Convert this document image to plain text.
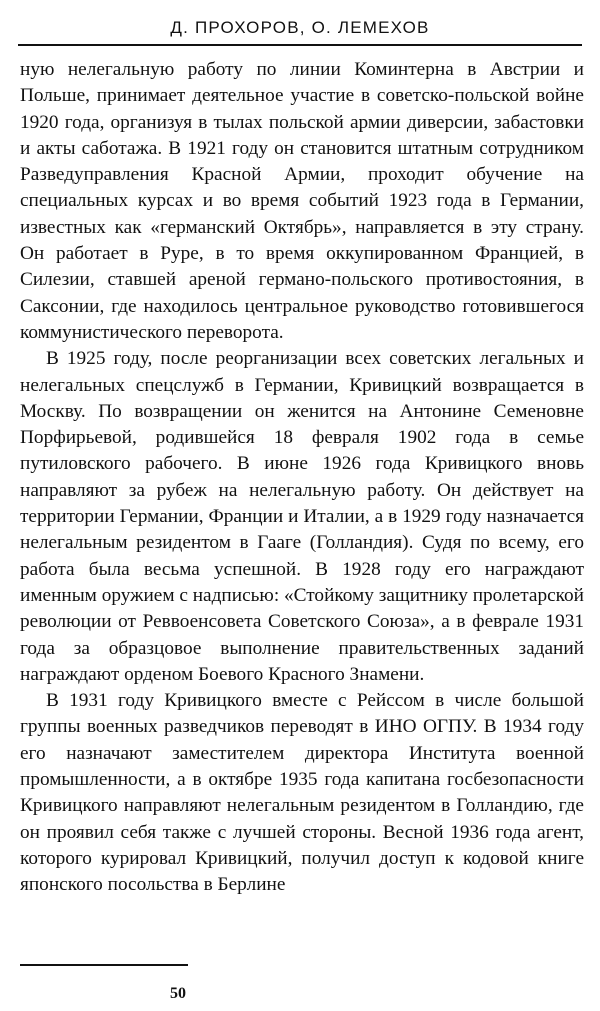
Д. ПРОХОРОВ, О. ЛЕМЕХОВ

ную нелегальную работу по линии Коминтерна в Австрии и Польше, принимает деятельное участие в советско-польской войне 1920 года, организуя в тылах польской армии диверсии, забастовки и акты саботажа. В 1921 году он становится штатным сотрудником Разведуправления Красной Армии, проходит обучение на специальных курсах и во время событий 1923 года в Германии, известных как «германский Октябрь», направляется в эту страну. Он работает в Руре, в то время оккупированном Францией, в Силезии, ставшей ареной германо-польского противостояния, в Саксонии, где находилось центральное руководство готовившегося коммунистического переворота.

В 1925 году, после реорганизации всех советских легальных и нелегальных спецслужб в Германии, Кривицкий возвращается в Москву. По возвращении он женится на Антонине Семеновне Порфирьевой, родившейся 18 февраля 1902 года в семье путиловского рабочего. В июне 1926 года Кривицкого вновь направляют за рубеж на нелегальную работу. Он действует на территории Германии, Франции и Италии, а в 1929 году назначается нелегальным резидентом в Гааге (Голландия). Судя по всему, его работа была весьма успешной. В 1928 году его награждают именным оружием с надписью: «Стойкому защитнику пролетарской революции от Реввоенсовета Советского Союза», а в феврале 1931 года за образцовое выполнение правительственных заданий награждают орденом Боевого Красного Знамени.

В 1931 году Кривицкого вместе с Рейссом в числе большой группы военных разведчиков переводят в ИНО ОГПУ. В 1934 году его назначают заместителем директора Института военной промышленности, а в октябре 1935 года капитана госбезопасности Кривицкого направляют нелегальным резидентом в Голландию, где он проявил себя также с лучшей стороны. Весной 1936 года агент, которого курировал Кривицкий, получил доступ к кодовой книге японского посольства в Берлине

50
